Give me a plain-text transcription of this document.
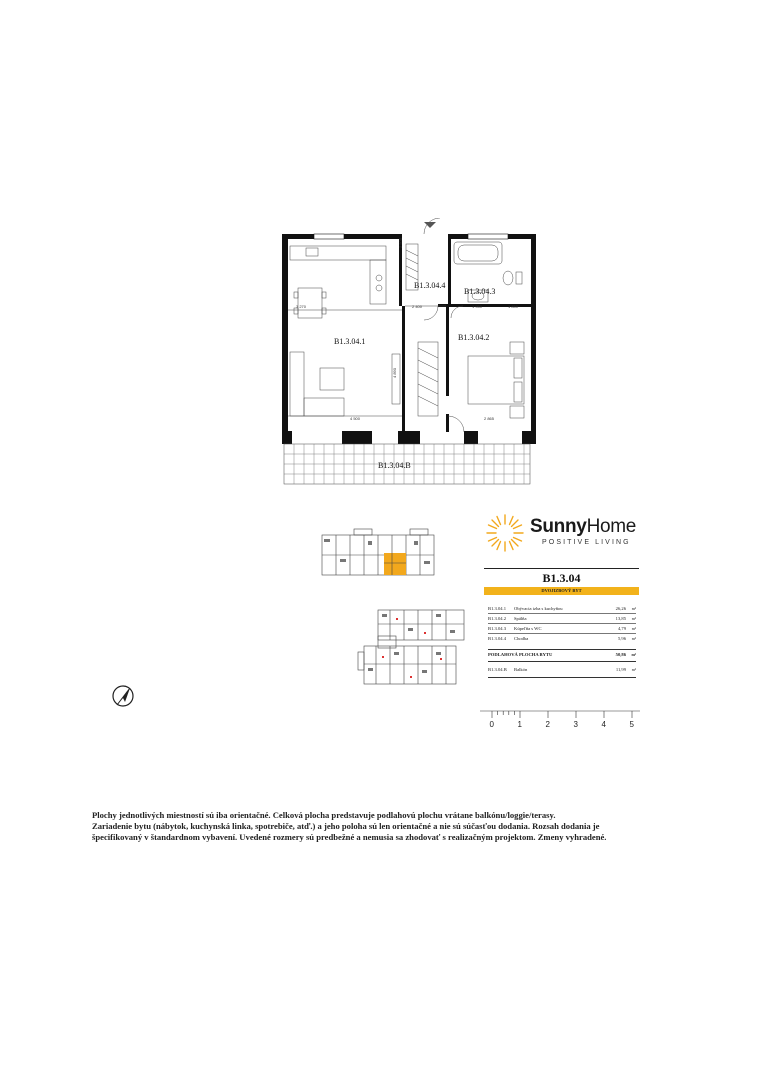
B1.3.04.1	B1.3.04.2
B1.3.04.3
B1.3.04.4
B1.3.04.B
3 270
4 500
2 400
2 865
4 890
1 950	1 850
2 500
SunnyHome
POSITIVE LIVING
B1.3.04
DVOJIZBOVÝ BYT
B1.3.04.1 Obývacia izba s kuchyňou	26,26 m²
B1.3.04.2 Spálňa	13,85 m²
B1.3.04.3 Kúpeľňa s WC	4,79 m²
B1.3.04.4 Chodba	5,96 m²
PODLAHOVÁ PLOCHA BYTU	50,86 m²
B1.3.04.B Balkón	11,99 m²
0	1	2	3	4	5
Plochy jednotlivých miestností sú iba orientačné. Celková plocha predstavuje podlahovú plochu vrátane balkónu/loggie/terasy.
Zariadenie bytu (nábytok, kuchynská linka, spotrebiče, atď.) a jeho poloha sú len orientačné a nie sú súčasťou dodania. Rozsah dodania je
špecifikovaný v štandardnom vybavení. Uvedené rozmery sú predbežné a nemusia sa zhodovať s realizačným projektom. Zmeny vyhradené.
